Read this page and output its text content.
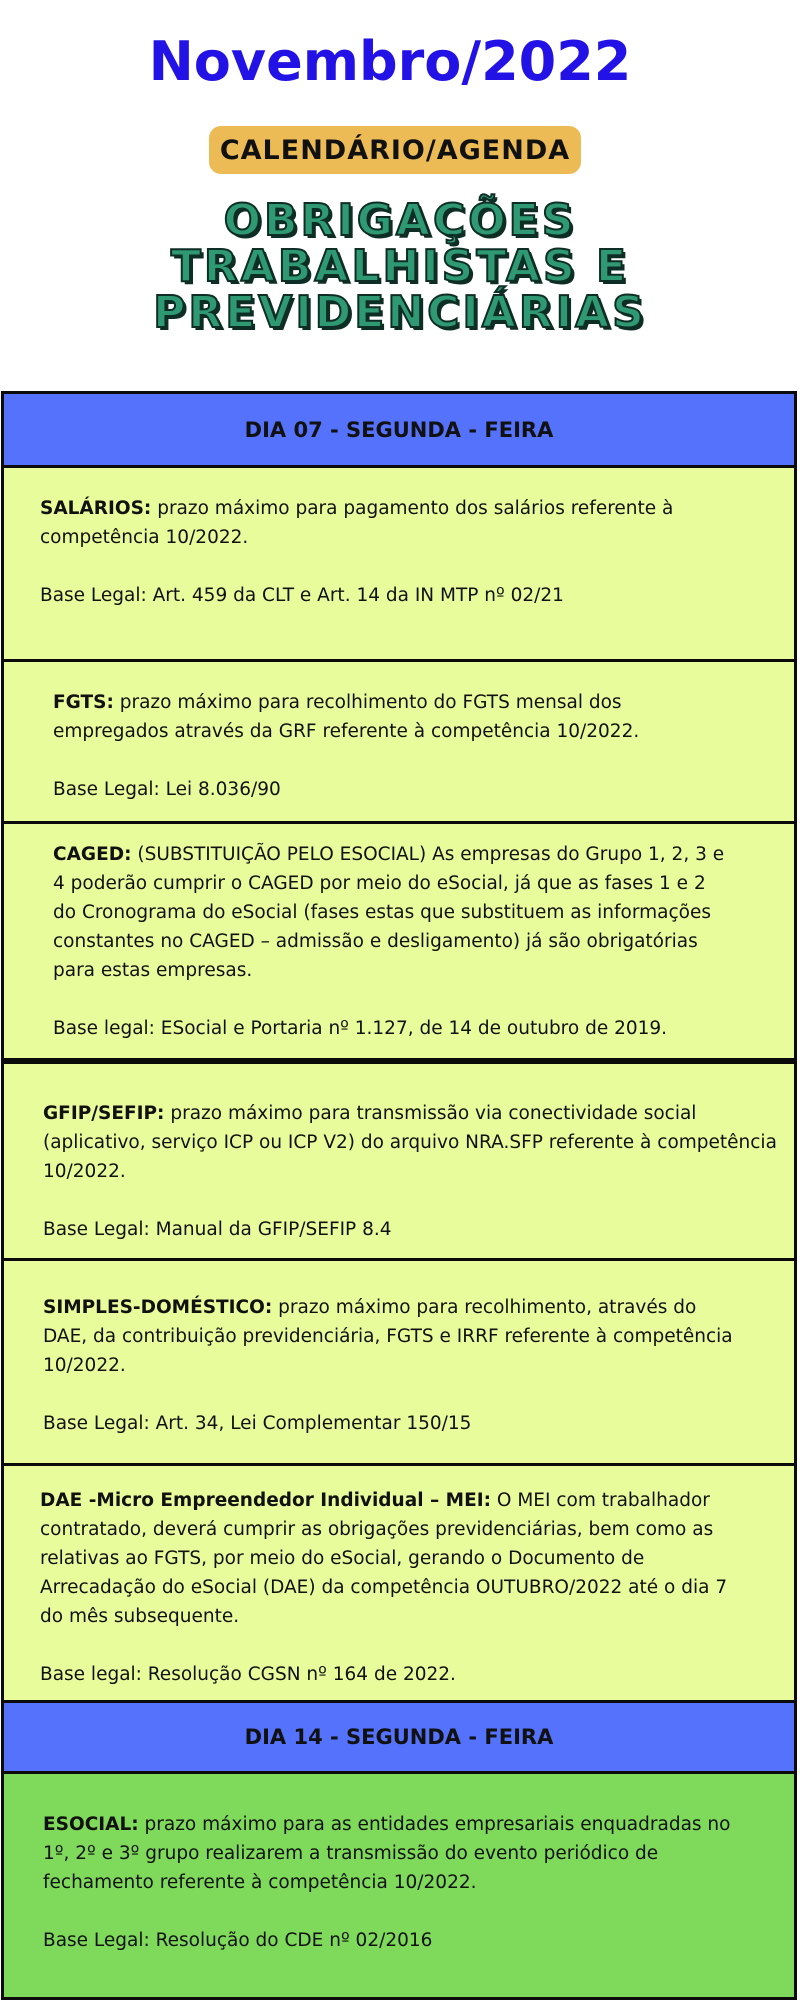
Novembro/2022
CALENDÁRIO/AGENDA
OBRIGAÇÕES
TRABALHISTAS E
PREVIDENCIÁRIAS
DIA 07 - SEGUNDA - FEIRA

SALÁRIOS: prazo máximo para pagamento dos salários referente à competência 10/2022.

Base Legal: Art. 459 da CLT e Art. 14 da IN MTP nº 02/21

FGTS: prazo máximo para recolhimento do FGTS mensal dos empregados através da GRF referente à competência 10/2022.

Base Legal: Lei 8.036/90

CAGED: (SUBSTITUIÇÃO PELO ESOCIAL) As empresas do Grupo 1, 2, 3 e 4 poderão cumprir o CAGED por meio do eSocial, já que as fases 1 e 2 do Cronograma do eSocial (fases estas que substituem as informações constantes no CAGED – admissão e desligamento) já são obrigatórias para estas empresas.

Base legal: ESocial e Portaria nº 1.127, de 14 de outubro de 2019.

GFIP/SEFIP: prazo máximo para transmissão via conectividade social (aplicativo, serviço ICP ou ICP V2) do arquivo NRA.SFP referente à competência 10/2022.

Base Legal: Manual da GFIP/SEFIP 8.4

SIMPLES-DOMÉSTICO: prazo máximo para recolhimento, através do DAE, da contribuição previdenciária, FGTS e IRRF referente à competência 10/2022.

Base Legal: Art. 34, Lei Complementar 150/15

DAE -Micro Empreendedor Individual – MEI: O MEI com trabalhador contratado, deverá cumprir as obrigações previdenciárias, bem como as relativas ao FGTS, por meio do eSocial, gerando o Documento de Arrecadação do eSocial (DAE) da competência OUTUBRO/2022 até o dia 7 do mês subsequente.

Base legal: Resolução CGSN nº 164 de 2022.

DIA 14 - SEGUNDA - FEIRA

ESOCIAL: prazo máximo para as entidades empresariais enquadradas no 1º, 2º e 3º grupo realizarem a transmissão do evento periódico de fechamento referente à competência 10/2022.

Base Legal: Resolução do CDE nº 02/2016
